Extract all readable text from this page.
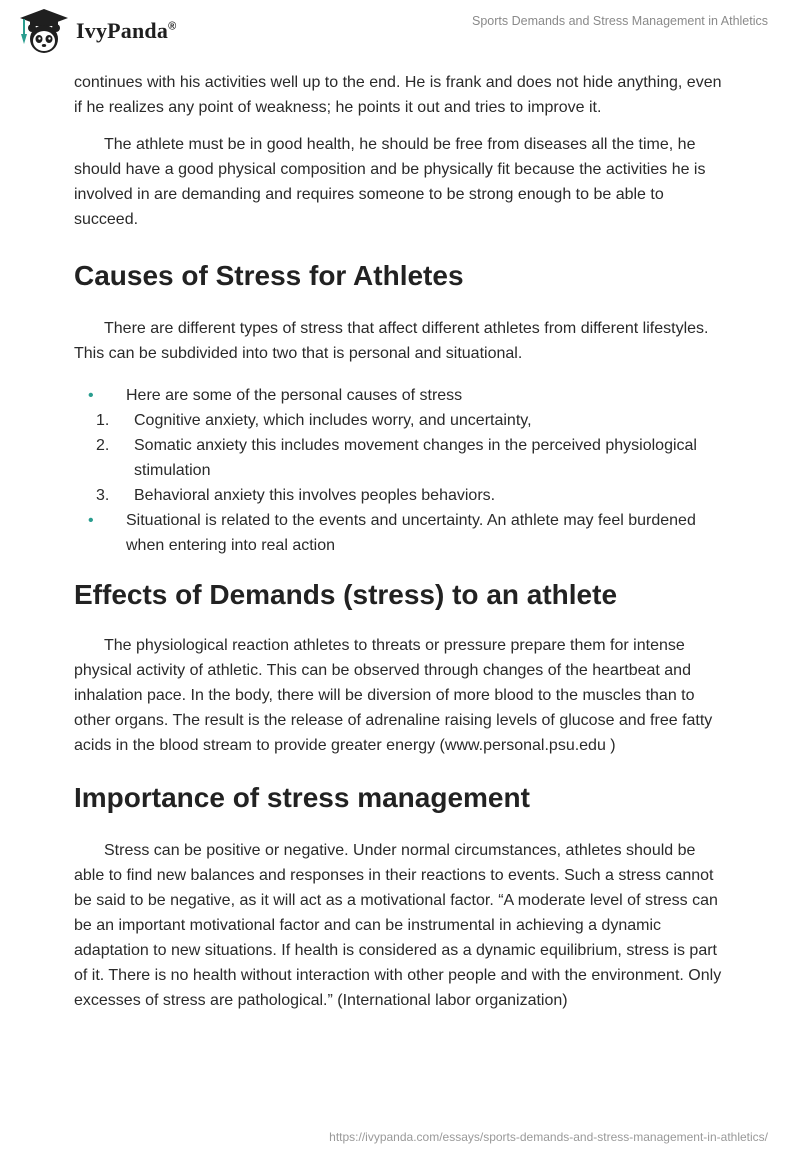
IvyPanda®	Sports Demands and Stress Management in Athletics

continues with his activities well up to the end. He is frank and does not hide anything, even if he realizes any point of weakness; he points it out and tries to improve it.

The athlete must be in good health, he should be free from diseases all the time, he should have a good physical composition and be physically fit because the activities he is involved in are demanding and requires someone to be strong enough to be able to succeed.

Causes of Stress for Athletes

There are different types of stress that affect different athletes from different lifestyles. This can be subdivided into two that is personal and situational.

• Here are some of the personal causes of stress
1. Cognitive anxiety, which includes worry, and uncertainty,
2. Somatic anxiety this includes movement changes in the perceived physiological stimulation
3. Behavioral anxiety this involves peoples behaviors.
• Situational is related to the events and uncertainty. An athlete may feel burdened when entering into real action
Effects of Demands (stress) to an athlete

The physiological reaction athletes to threats or pressure prepare them for intense physical activity of athletic. This can be observed through changes of the heartbeat and inhalation pace. In the body, there will be diversion of more blood to the muscles than to other organs. The result is the release of adrenaline raising levels of glucose and free fatty acids in the blood stream to provide greater energy (www.personal.psu.edu )

Importance of stress management

Stress can be positive or negative. Under normal circumstances, athletes should be able to find new balances and responses in their reactions to events. Such a stress cannot be said to be negative, as it will act as a motivational factor. “A moderate level of stress can be an important motivational factor and can be instrumental in achieving a dynamic adaptation to new situations. If health is considered as a dynamic equilibrium, stress is part of it. There is no health without interaction with other people and with the environment. Only excesses of stress are pathological.” (International labor organization)

https://ivypanda.com/essays/sports-demands-and-stress-management-in-athletics/
